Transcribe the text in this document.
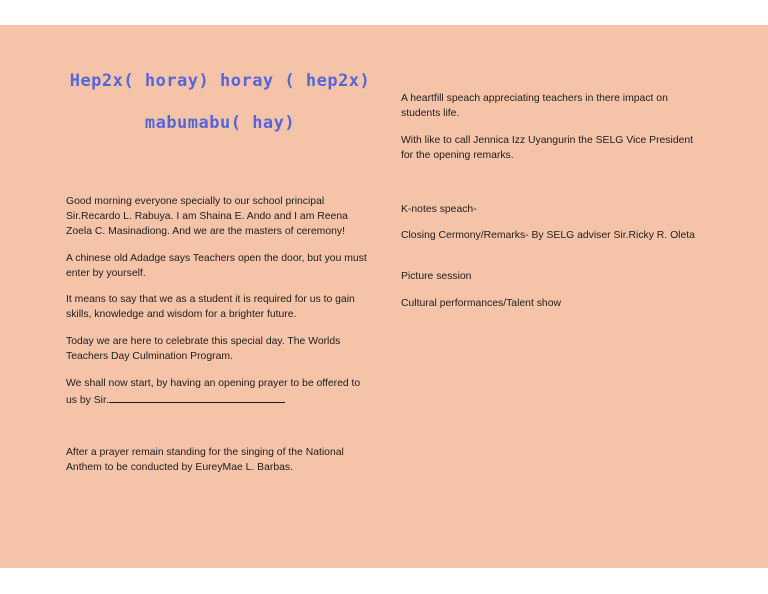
Hep2x( horay) horay ( hep2x)
mabumabu( hay)

Good morning everyone specially to our school principal Sir.Recardo L. Rabuya. I am Shaina E. Ando and I am Reena Zoela C. Masinadiong. And we are the masters of ceremony!

A chinese old Adadge says Teachers open the door, but you must enter by yourself.

It means to say that we as a student it is required for us to gain skills, knowledge and wisdom for a brighter future.

Today we are here to celebrate this special day. The Worlds Teachers Day Culmination Program.

We shall now start, by having an opening prayer to be offered to us by Sir.

After a prayer remain standing for the singing of the National Anthem to be conducted by EureyMae L. Barbas.

A heartfill speach appreciating teachers in there impact on students life.

With like to call Jennica Izz Uyangurin the SELG Vice President for the opening remarks.

K-notes speach-

Closing Cermony/Remarks- By SELG adviser Sir.Ricky R. Oleta

Picture session

Cultural performances/Talent show
